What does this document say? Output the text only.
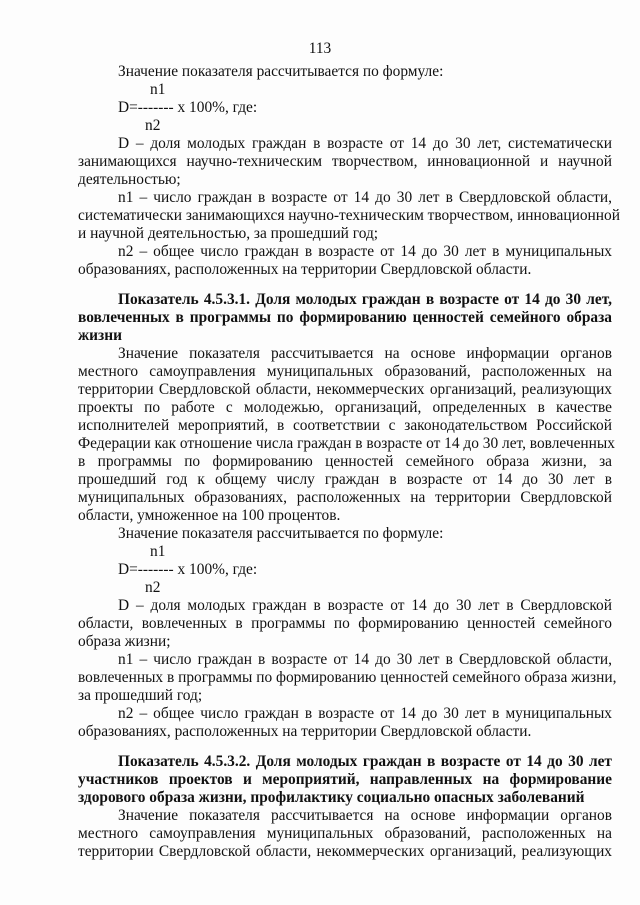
113
Значение показателя рассчитывается по формуле:
n1
D=------- x 100%, где:
n2
D – доля молодых граждан в возрасте от 14 до 30 лет, систематически
занимающихся научно-техническим творчеством, инновационной и научной
деятельностью;
n1 – число граждан в возрасте от 14 до 30 лет в Свердловской области,
систематически занимающихся научно-техническим творчеством, инновационной
и научной деятельностью, за прошедший год;
n2 – общее число граждан в возрасте от 14 до 30 лет в муниципальных
образованиях, расположенных на территории Свердловской области.
Показатель 4.5.3.1. Доля молодых граждан в возрасте от 14 до 30 лет,
вовлеченных в программы по формированию ценностей семейного образа
жизни
Значение показателя рассчитывается на основе информации органов
местного самоуправления муниципальных образований, расположенных на
территории Свердловской области, некоммерческих организаций, реализующих
проекты по работе с молодежью, организаций, определенных в качестве
исполнителей мероприятий, в соответствии с законодательством Российской
Федерации как отношение числа граждан в возрасте от 14 до 30 лет, вовлеченных
в программы по формированию ценностей семейного образа жизни, за
прошедший год к общему числу граждан в возрасте от 14 до 30 лет в
муниципальных образованиях, расположенных на территории Свердловской
области, умноженное на 100 процентов.
Значение показателя рассчитывается по формуле:
n1
D=------- x 100%, где:
n2
D – доля молодых граждан в возрасте от 14 до 30 лет в Свердловской
области, вовлеченных в программы по формированию ценностей семейного
образа жизни;
n1 – число граждан в возрасте от 14 до 30 лет в Свердловской области,
вовлеченных в программы по формированию ценностей семейного образа жизни,
за прошедший год;
n2 – общее число граждан в возрасте от 14 до 30 лет в муниципальных
образованиях, расположенных на территории Свердловской области.
Показатель 4.5.3.2. Доля молодых граждан в возрасте от 14 до 30 лет
участников проектов и мероприятий, направленных на формирование
здорового образа жизни, профилактику социально опасных заболеваний
Значение показателя рассчитывается на основе информации органов
местного самоуправления муниципальных образований, расположенных на
территории Свердловской области, некоммерческих организаций, реализующих
